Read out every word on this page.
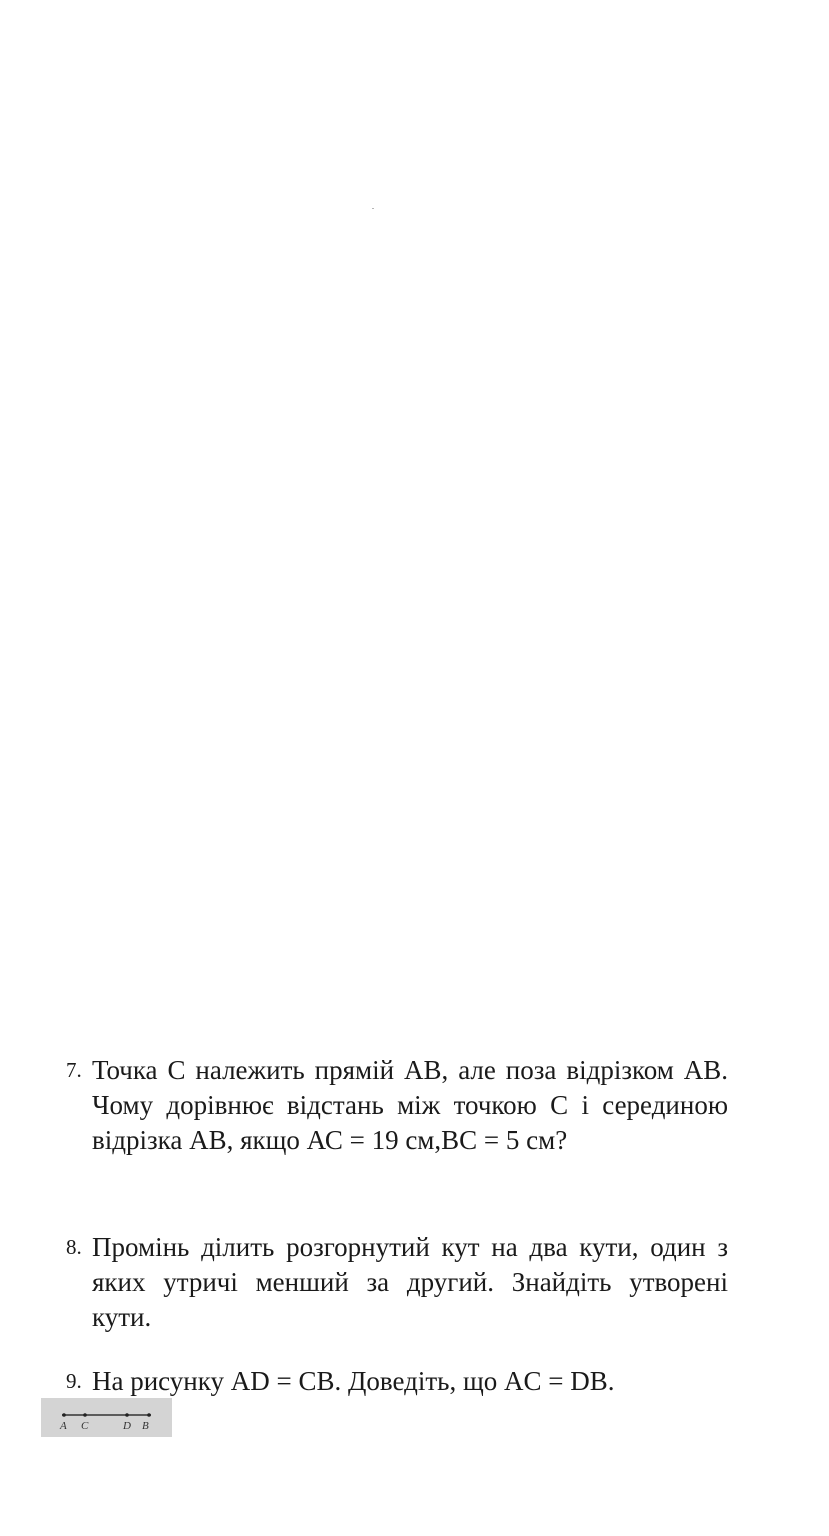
7. Точка С належить прямій АВ, але поза відрізком АВ. Чому дорівнює відстань між точкою С і серединою відрізка АВ, якщо АС = 19 см,ВС = 5 см?
8. Промінь ділить розгорнутий кут на два кути, один з яких утричі менший за другий. Знайдіть утворені кути.
9. На рисунку AD = CB. Доведіть, що AC = DB.
A C	D B
